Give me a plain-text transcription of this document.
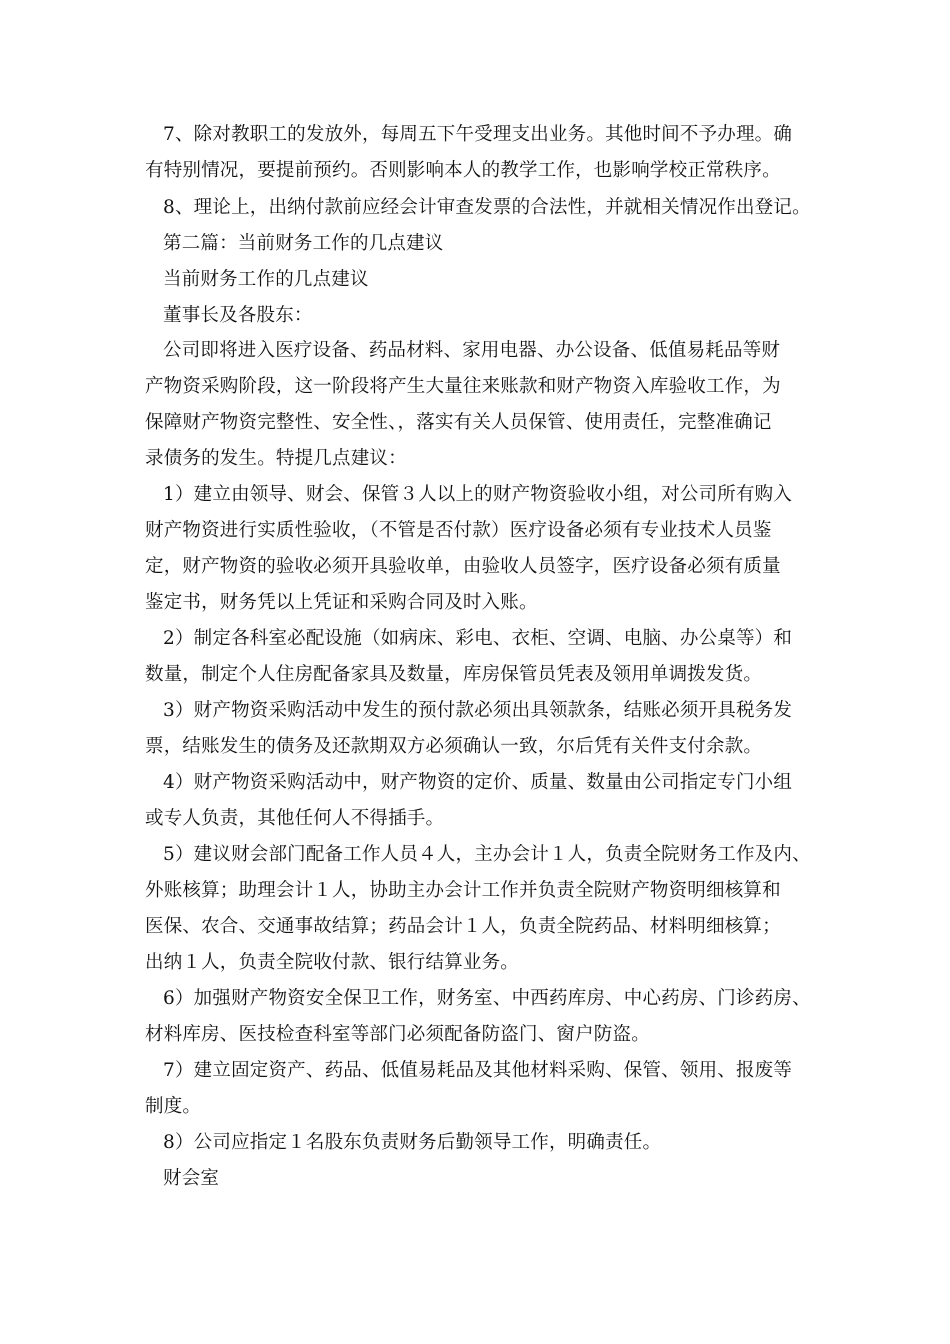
7、除对教职工的发放外，每周五下午受理支出业务。其他时间不予办理。确
有特别情况，要提前预约。否则影响本人的教学工作，也影响学校正常秩序。
8、理论上，出纳付款前应经会计审查发票的合法性，并就相关情况作出登记。
第二篇：当前财务工作的几点建议
当前财务工作的几点建议
董事长及各股东：
公司即将进入医疗设备、药品材料、家用电器、办公设备、低值易耗品等财
产物资采购阶段，这一阶段将产生大量往来账款和财产物资入库验收工作，为
保障财产物资完整性、安全性、，落实有关人员保管、使用责任，完整准确记
录债务的发生。特提几点建议：
1）建立由领导、财会、保管３人以上的财产物资验收小组，对公司所有购入
财产物资进行实质性验收，（不管是否付款）医疗设备必须有专业技术人员鉴
定，财产物资的验收必须开具验收单，由验收人员签字，医疗设备必须有质量
鉴定书，财务凭以上凭证和采购合同及时入账。
2）制定各科室必配设施（如病床、彩电、衣柜、空调、电脑、办公桌等）和
数量，制定个人住房配备家具及数量，库房保管员凭表及领用单调拨发货。
3）财产物资采购活动中发生的预付款必须出具领款条，结账必须开具税务发
票，结账发生的债务及还款期双方必须确认一致，尔后凭有关件支付余款。
4）财产物资采购活动中，财产物资的定价、质量、数量由公司指定专门小组
或专人负责，其他任何人不得插手。
5）建议财会部门配备工作人员４人，主办会计１人，负责全院财务工作及内、
外账核算；助理会计１人，协助主办会计工作并负责全院财产物资明细核算和
医保、农合、交通事故结算；药品会计１人，负责全院药品、材料明细核算；
出纳１人，负责全院收付款、银行结算业务。
6）加强财产物资安全保卫工作，财务室、中西药库房、中心药房、门诊药房、
材料库房、医技检查科室等部门必须配备防盗门、窗户防盗。
7）建立固定资产、药品、低值易耗品及其他材料采购、保管、领用、报废等
制度。
8）公司应指定１名股东负责财务后勤领导工作，明确责任。
财会室
